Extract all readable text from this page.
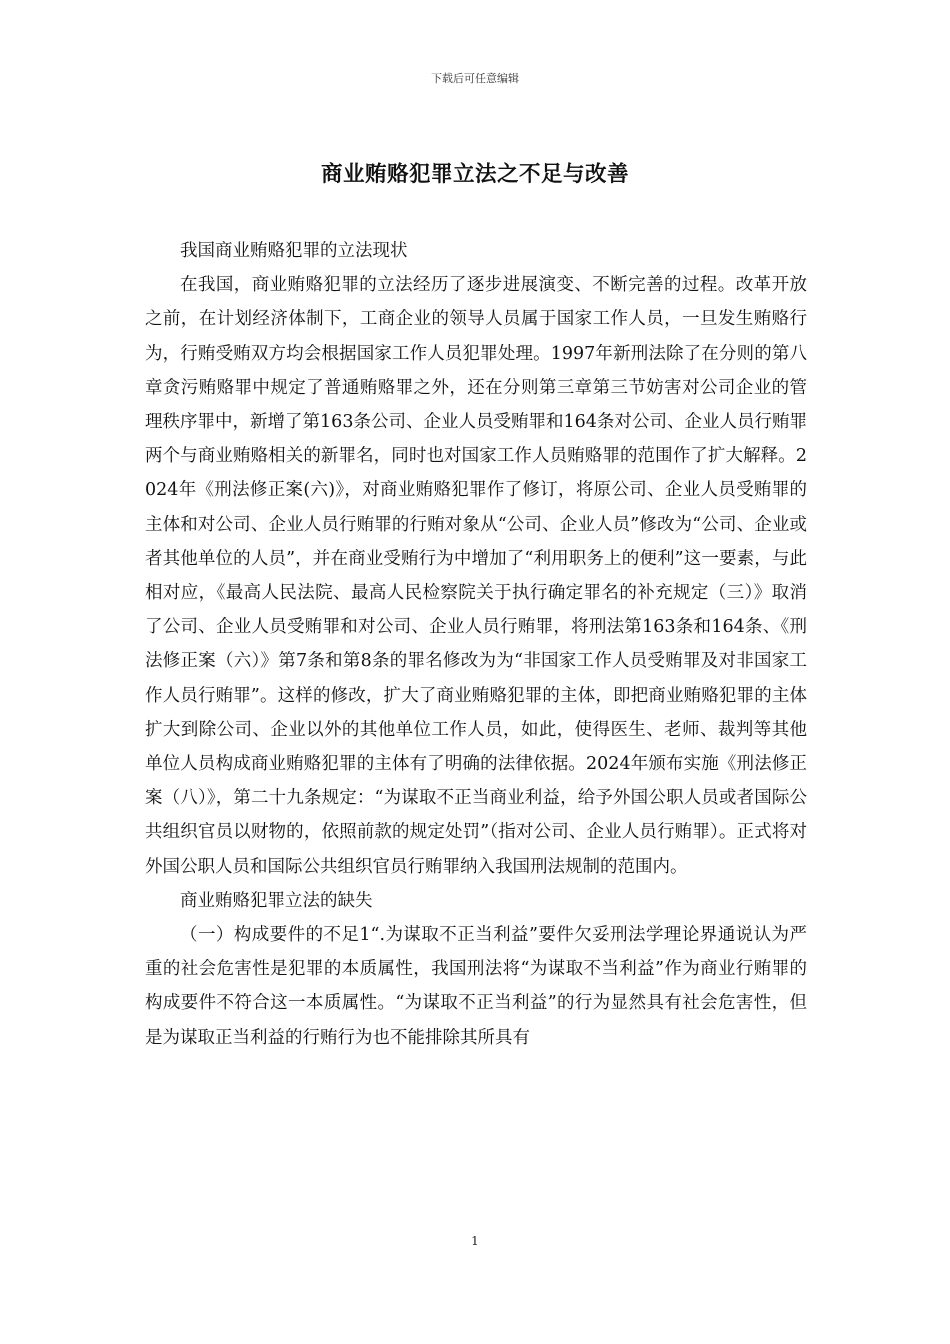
下载后可任意编辑
商业贿赂犯罪立法之不足与改善

我国商业贿赂犯罪的立法现状

在我国，商业贿赂犯罪的立法经历了逐步进展演变、不断完善的过程。改革开放之前，在计划经济体制下，工商企业的领导人员属于国家工作人员，一旦发生贿赂行为，行贿受贿双方均会根据国家工作人员犯罪处理。1997年新刑法除了在分则的第八章贪污贿赂罪中规定了普通贿赂罪之外，还在分则第三章第三节妨害对公司企业的管理秩序罪中，新增了第163条公司、企业人员受贿罪和164条对公司、企业人员行贿罪两个与商业贿赂相关的新罪名，同时也对国家工作人员贿赂罪的范围作了扩大解释。2024年《刑法修正案(六)》，对商业贿赂犯罪作了修订，将原公司、企业人员受贿罪的主体和对公司、企业人员行贿罪的行贿对象从“公司、企业人员”修改为“公司、企业或者其他单位的人员”，并在商业受贿行为中增加了“利用职务上的便利”这一要素，与此相对应，《最高人民法院、最高人民检察院关于执行确定罪名的补充规定（三）》取消了公司、企业人员受贿罪和对公司、企业人员行贿罪，将刑法第163条和164条、《刑法修正案（六）》第7条和第8条的罪名修改为为“非国家工作人员受贿罪及对非国家工作人员行贿罪”。这样的修改，扩大了商业贿赂犯罪的主体，即把商业贿赂犯罪的主体扩大到除公司、企业以外的其他单位工作人员，如此，使得医生、老师、裁判等其他单位人员构成商业贿赂犯罪的主体有了明确的法律依据。2024年颁布实施《刑法修正案（八）》，第二十九条规定：“为谋取不正当商业利益，给予外国公职人员或者国际公共组织官员以财物的，依照前款的规定处罚”（指对公司、企业人员行贿罪）。正式将对外国公职人员和国际公共组织官员行贿罪纳入我国刑法规制的范围内。

商业贿赂犯罪立法的缺失

（一）构成要件的不足1“.为谋取不正当利益”要件欠妥刑法学理论界通说认为严重的社会危害性是犯罪的本质属性，我国刑法将“为谋取不当利益”作为商业行贿罪的构成要件不符合这一本质属性。“为谋取不正当利益”的行为显然具有社会危害性，但是为谋取正当利益的行贿行为也不能排除其所具有

1
